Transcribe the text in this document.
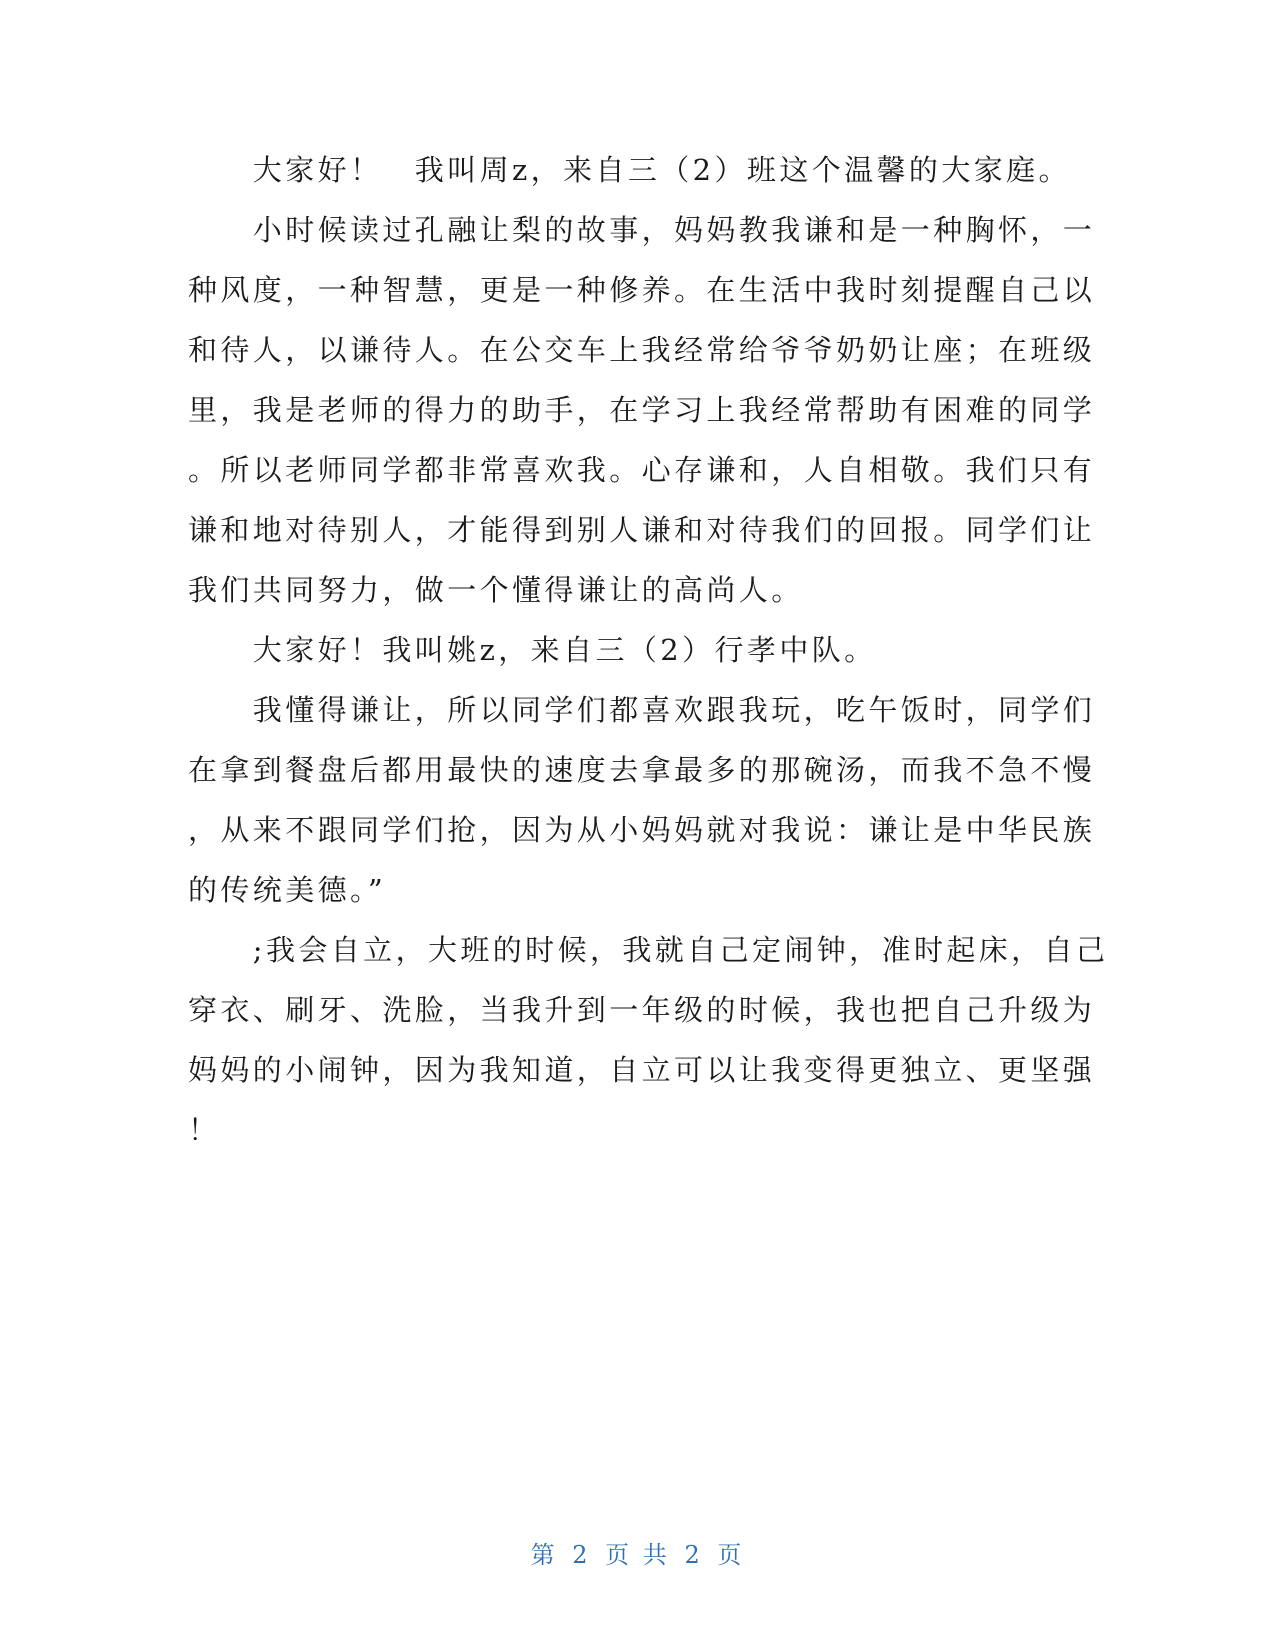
　　大家好！　我叫周z，来自三（2）班这个温馨的大家庭。
　　小时候读过孔融让梨的故事，妈妈教我谦和是一种胸怀，一
种风度，一种智慧，更是一种修养。在生活中我时刻提醒自己以
和待人，以谦待人。在公交车上我经常给爷爷奶奶让座；在班级
里，我是老师的得力的助手，在学习上我经常帮助有困难的同学
。所以老师同学都非常喜欢我。心存谦和，人自相敬。我们只有
谦和地对待别人，才能得到别人谦和对待我们的回报。同学们让
我们共同努力，做一个懂得谦让的高尚人。
　　大家好！我叫姚z，来自三（2）行孝中队。
　　我懂得谦让，所以同学们都喜欢跟我玩，吃午饭时，同学们
在拿到餐盘后都用最快的速度去拿最多的那碗汤，而我不急不慢
，从来不跟同学们抢，因为从小妈妈就对我说：谦让是中华民族
的传统美德。”
　　;我会自立，大班的时候，我就自己定闹钟，准时起床，自己
穿衣、刷牙、洗脸，当我升到一年级的时候，我也把自己升级为
妈妈的小闹钟，因为我知道，自立可以让我变得更独立、更坚强
！
第 2 页 共 2 页
